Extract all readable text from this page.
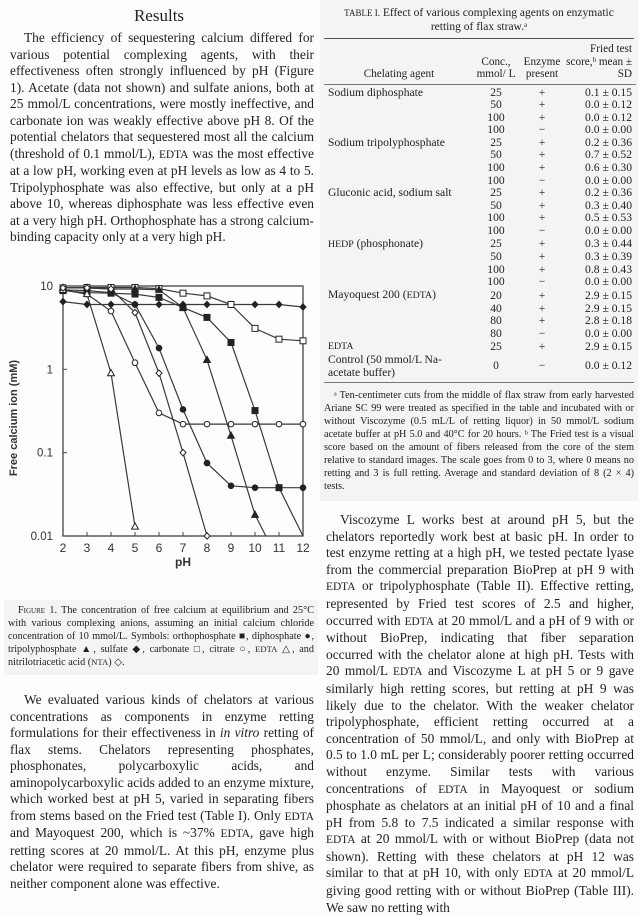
Results

The efficiency of sequestering calcium differed for various potential complexing agents, with their effectiveness often strongly influenced by pH (Figure 1). Acetate (data not shown) and sulfate anions, both at 25 mmol/L concentrations, were mostly ineffective, and carbonate ion was weakly effective above pH 8. Of the potential chelators that sequestered most all the calcium (threshold of 0.1 mmol/L), EDTA was the most effective at a low pH, working even at pH levels as low as 4 to 5. Tripolyphosphate was also effective, but only at a pH above 10, whereas diphosphate was less effective even at a very high pH. Orthophosphate has a strong calcium-binding capacity only at a very high pH.

2 3 4 5 6 7 8 9 10 11 12
0.01
0.1
1
10
Free calcium ion (mM)
pH
Figure 1. The concentration of free calcium at equilibrium and 25°C with various complexing anions, assuming an initial calcium chloride concentration of 10 mmol/L. Symbols: orthophosphate ■, diphosphate ●, tripolyphosphate ▲, sulfate ◆, carbonate □, citrate ○, EDTA △, and nitrilotriacetic acid (NTA) ◇.

We evaluated various kinds of chelators at various concentrations as components in enzyme retting formulations for their effectiveness in in vitro retting of flax stems. Chelators representing phosphates, phosphonates, polycarboxylic acids, and aminopolycarboxylic acids added to an enzyme mixture, which worked best at pH 5, varied in separating fibers from stems based on the Fried test (Table I). Only EDTA and Mayoquest 200, which is ~37% EDTA, gave high retting scores at 20 mmol/L. At this pH, enzyme plus chelator were required to separate fibers from shive, as neither component alone was effective.

TABLE I. Effect of various complexing agents on enzymatic retting of flax straw.ᵃ
Chelating agent	Conc., mmol/ L	Enzyme present	Fried test score,ᵇ mean ± SD

Sodium diphosphate	25	+	0.1 ± 0.15
	50	+	0.0 ± 0.12
	100	+	0.0 ± 0.12
	100	−	0.0 ± 0.00
Sodium tripolyphosphate	25	+	0.2 ± 0.36
	50	+	0.7 ± 0.52
	100	+	0.6 ± 0.30
	100	−	0.0 ± 0.00
Gluconic acid, sodium salt	25	+	0.2 ± 0.36
	50	+	0.3 ± 0.40
	100	+	0.5 ± 0.53
	100	−	0.0 ± 0.00
HEDP (phosphonate)	25	+	0.3 ± 0.44
	50	+	0.3 ± 0.39
	100	+	0.8 ± 0.43
	100	−	0.0 ± 0.00
Mayoquest 200 (EDTA)	20	+	2.9 ± 0.15
	40	+	2.9 ± 0.15
	80	+	2.8 ± 0.18
	80	−	0.0 ± 0.00
EDTA	25	+	2.9 ± 0.15
Control (50 mmol/L Na-acetate buffer)	0	−	0.0 ± 0.12
ᵃ Ten-centimeter cuts from the middle of flax straw from early harvested Ariane SC 99 were treated as specified in the table and incubated with or without Viscozyme (0.5 mL/L of retting liquor) in 50 mmol/L sodium acetate buffer at pH 5.0 and 40°C for 20 hours. ᵇ The Fried test is a visual score based on the amount of fibers released from the core of the stem relative to standard images. The scale goes from 0 to 3, where 0 means no retting and 3 is full retting. Average and standard deviation of 8 (2 × 4) tests.

Viscozyme L works best at around pH 5, but the chelators reportedly work best at basic pH. In order to test enzyme retting at a high pH, we tested pectate lyase from the commercial preparation BioPrep at pH 9 with EDTA or tripolyphosphate (Table II). Effective retting, represented by Fried test scores of 2.5 and higher, occurred with EDTA at 20 mmol/L and a pH of 9 with or without BioPrep, indicating that fiber separation occurred with the chelator alone at high pH. Tests with 20 mmol/L EDTA and Viscozyme L at pH 5 or 9 gave similarly high retting scores, but retting at pH 9 was likely due to the chelator. With the weaker chelator tripolyphosphate, efficient retting occurred at a concentration of 50 mmol/L, and only with BioPrep at 0.5 to 1.0 mL per L; considerably poorer retting occurred without enzyme. Similar tests with various concentrations of EDTA in Mayoquest or sodium phosphate as chelators at an initial pH of 10 and a final pH from 5.8 to 7.5 indicated a similar response with EDTA at 20 mmol/L with or without BioPrep (data not shown). Retting with these chelators at pH 12 was similar to that at pH 10, with only EDTA at 20 mmol/L giving good retting with or without BioPrep (Table III). We saw no retting with
